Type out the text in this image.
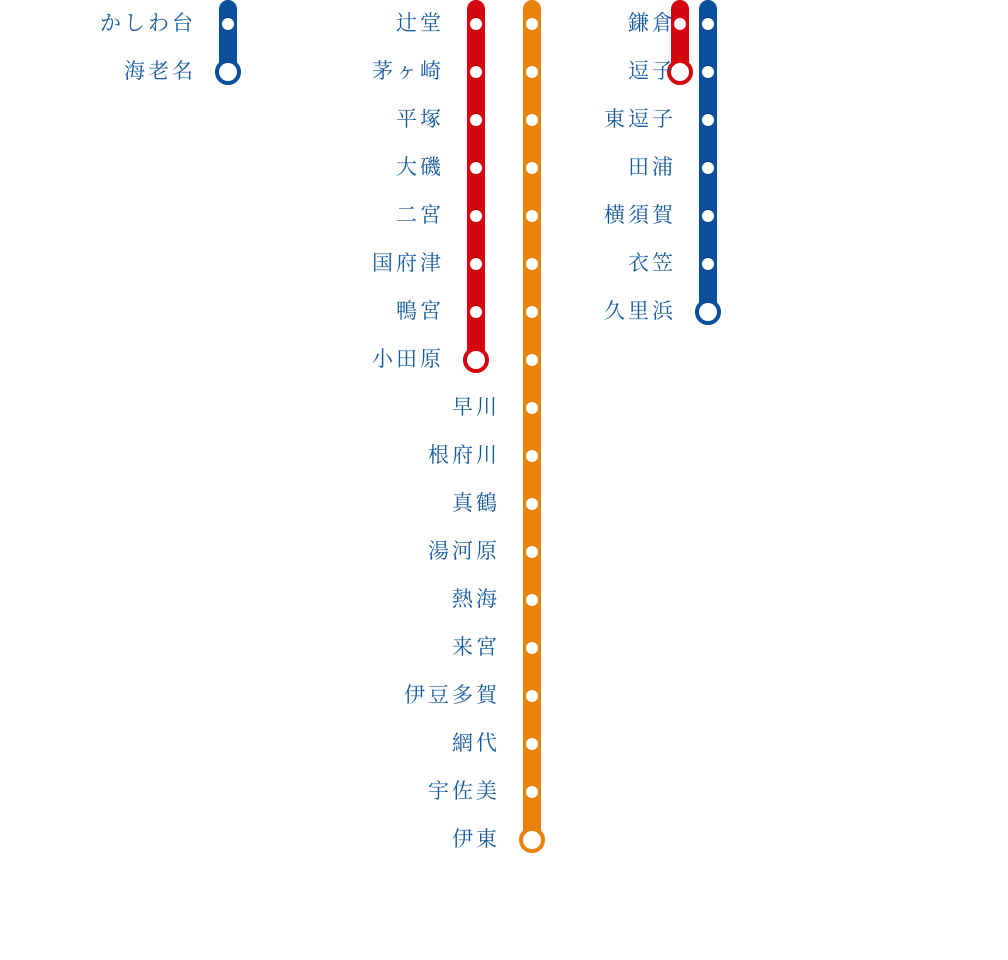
かしわ台
海老名
辻堂
茅ヶ崎
平塚
大磯
二宮
国府津
鴨宮
小田原
早川
根府川
真鶴
湯河原
熱海
来宮
伊豆多賀
網代
宇佐美
伊東
鎌倉
逗子
東逗子
田浦
横須賀
衣笠
久里浜
